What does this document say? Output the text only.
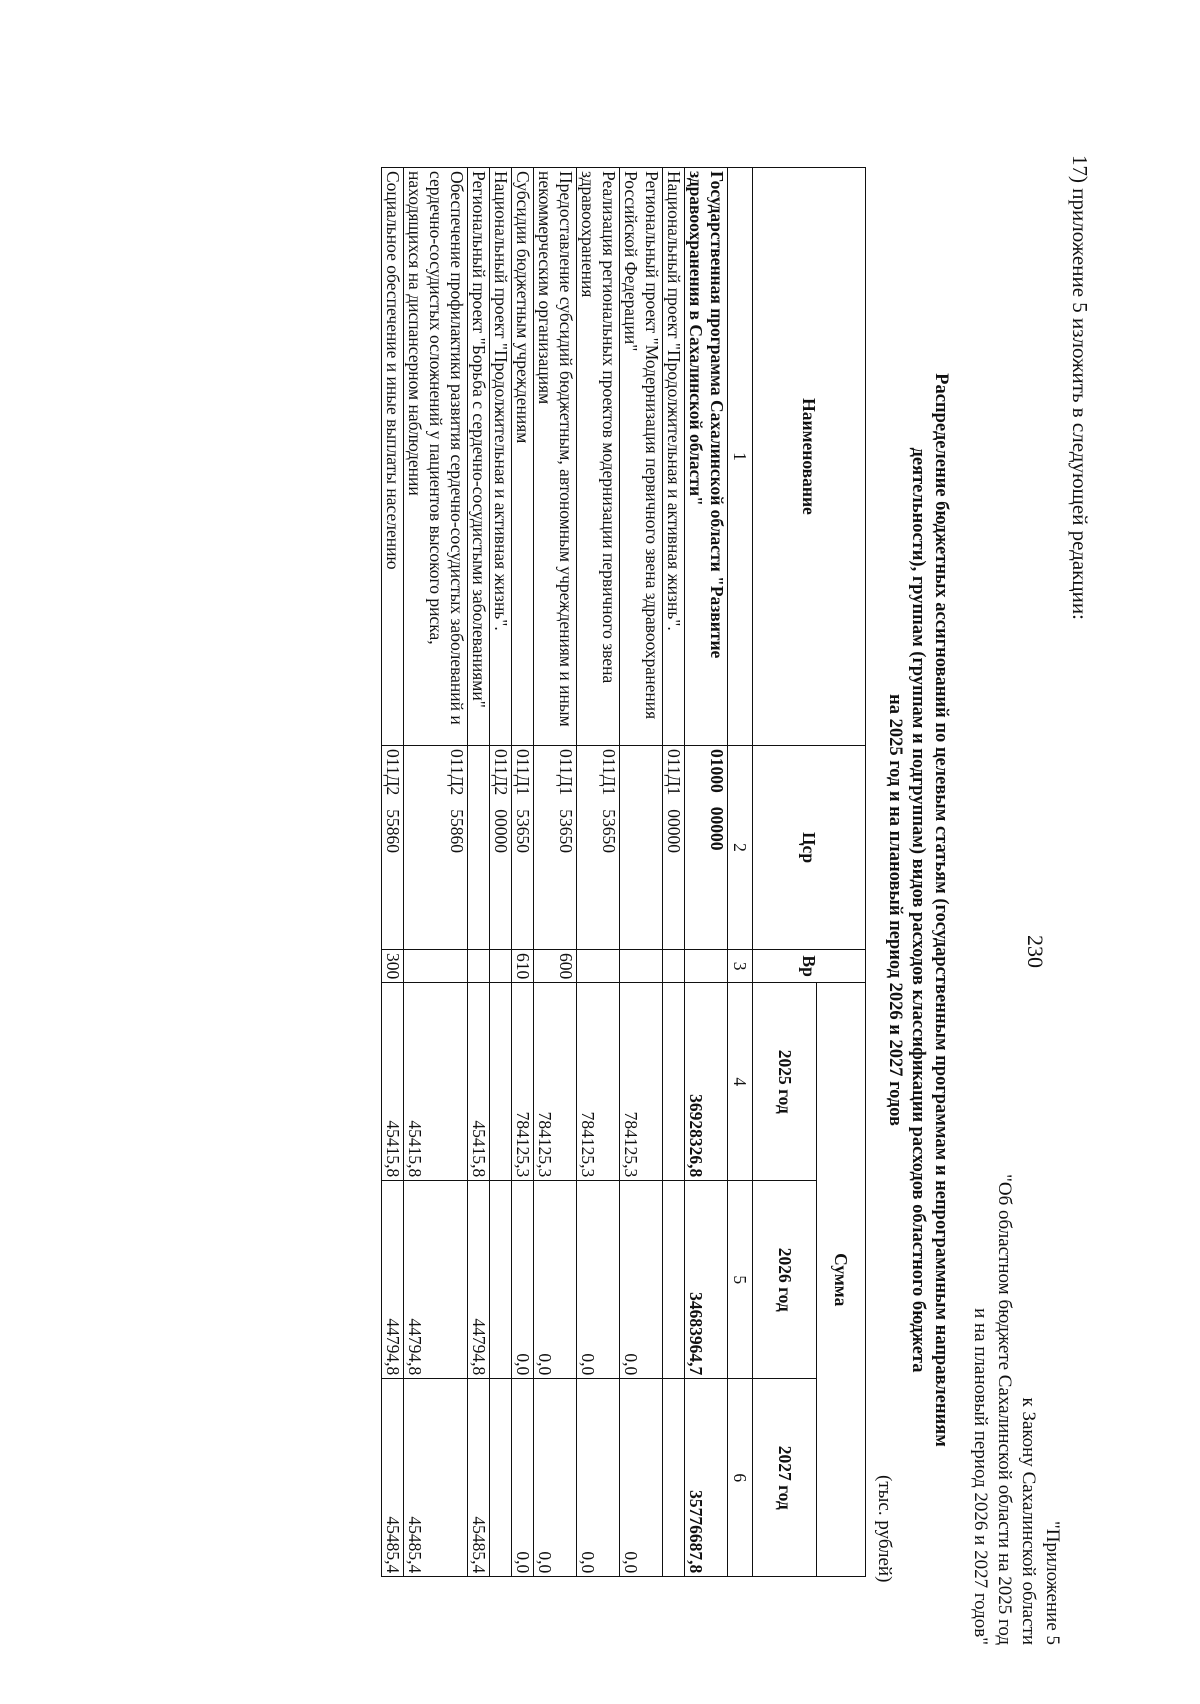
17) приложение 5 изложить в следующей редакции:
230
"Приложение 5
к Закону Сахалинской области
"Об областном бюджете Сахалинской области на 2025 год
и на плановый период 2026 и 2027 годов"
Распределение бюджетных ассигнований по целевым статьям (государственным программам и непрограммным направлениям
деятельности), группам (группам и подгруппам) видов расходов классификации расходов областного бюджета
на 2025 год и на плановый период 2026 и 2027 годов
(тыс. рублей)
Наименование	Цср	Вр	Сумма		
			2025 год	2026 год	2027 год
1	2	3	4	5	6
Государственная программа Сахалинской области "Развитие здравоохранения в Сахалинской области"	0100000000		36928326,8	34683964,7	35776687,8
Национальный проект "Продолжительная и активная жизнь".	011Д100000				
Региональный проект "Модернизация первичного звена здравоохранения Российской Федерации"			784125,3	0,0	0,0
Реализация региональных проектов модернизации первичного звена здравоохранения	011Д153650		784125,3	0,0	0,0
Предоставление субсидий бюджетным, автономным учреждениям и иным некоммерческим организациям	011Д153650	600	784125,3	0,0	0,0
Субсидии бюджетным учреждениям	011Д153650	610	784125,3	0,0	0,0
Национальный проект "Продолжительная и активная жизнь".	011Д200000				
Региональный проект "Борьба с сердечно-сосудистыми заболеваниями"			45415,8	44794,8	45485,4
Обеспечение профилактики развития сердечно-сосудистых заболеваний и сердечно-сосудистых осложнений у пациентов высокого риска, находящихся на диспансерном наблюдении	011Д255860		45415,8	44794,8	45485,4
Социальное обеспечение и иные выплаты населению	011Д255860	300	45415,8	44794,8	45485,4
